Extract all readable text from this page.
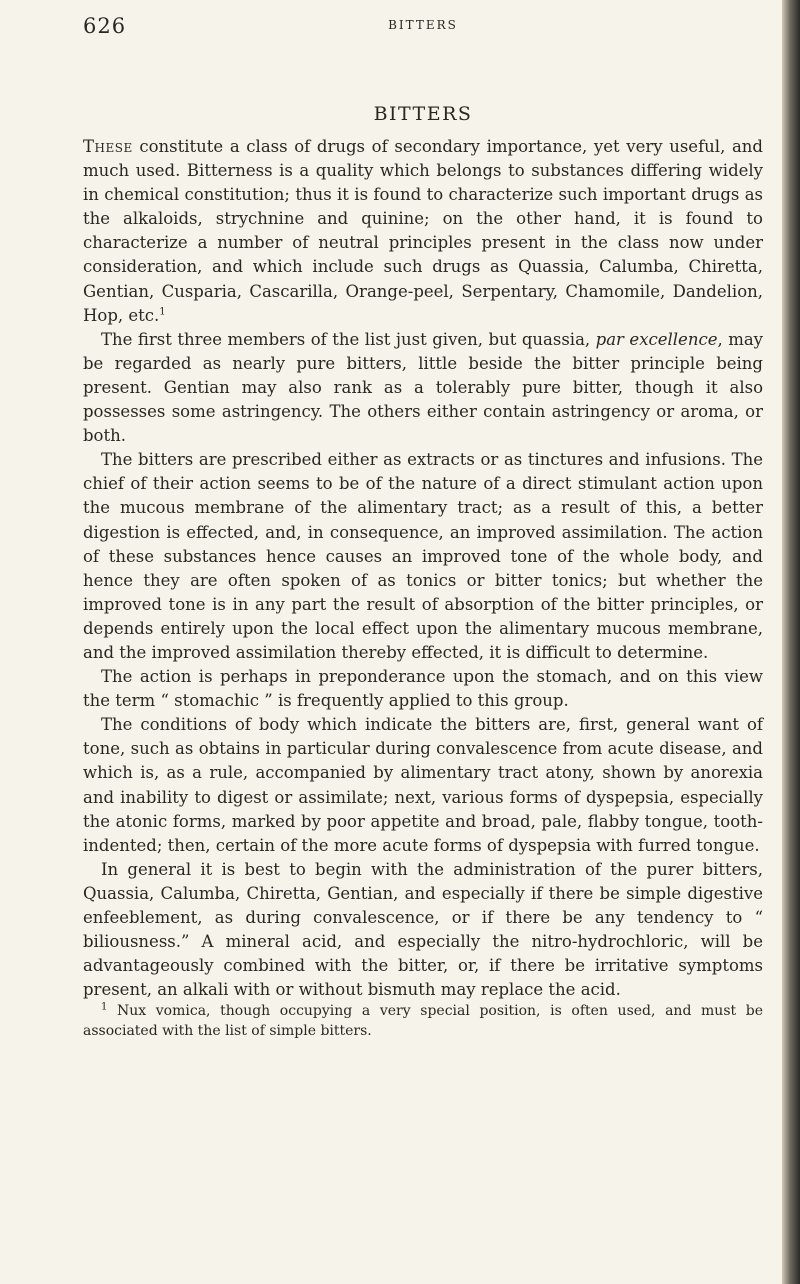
626	BITTERS
BITTERS

These constitute a class of drugs of secondary importance, yet very useful, and much used. Bitterness is a quality which belongs to substances differing widely in chemical constitution; thus it is found to characterize such important drugs as the alkaloids, strychnine and quinine; on the other hand, it is found to characterize a number of neutral principles present in the class now under consideration, and which include such drugs as Quassia, Calumba, Chiretta, Gentian, Cusparia, Cascarilla, Orange-peel, Serpentary, Chamomile, Dandelion, Hop, etc.$^1$

The first three members of the list just given, but quassia, par excellence, may be regarded as nearly pure bitters, little beside the bitter principle being present. Gentian may also rank as a tolerably pure bitter, though it also possesses some astringency. The others either contain astringency or aroma, or both.

The bitters are prescribed either as extracts or as tinctures and infusions. The chief of their action seems to be of the nature of a direct stimulant action upon the mucous membrane of the alimentary tract; as a result of this, a better digestion is effected, and, in consequence, an improved assimilation. The action of these substances hence causes an improved tone of the whole body, and hence they are often spoken of as tonics or bitter tonics; but whether the improved tone is in any part the result of absorption of the bitter principles, or depends entirely upon the local effect upon the alimentary mucous membrane, and the improved assimilation thereby effected, it is difficult to determine.

The action is perhaps in preponderance upon the stomach, and on this view the term “ stomachic ” is frequently applied to this group.

The conditions of body which indicate the bitters are, first, general want of tone, such as obtains in particular during convalescence from acute disease, and which is, as a rule, accompanied by alimentary tract atony, shown by anorexia and inability to digest or assimilate; next, various forms of dyspepsia, especially the atonic forms, marked by poor appetite and broad, pale, flabby tongue, tooth-indented; then, certain of the more acute forms of dyspepsia with furred tongue.

In general it is best to begin with the administration of the purer bitters, Quassia, Calumba, Chiretta, Gentian, and especially if there be simple digestive enfeeblement, as during convalescence, or if there be any tendency to “ biliousness.” A mineral acid, and especially the nitro-hydrochloric, will be advantageously combined with the bitter, or, if there be irritative symptoms present, an alkali with or without bismuth may replace the acid.

$^1$ Nux vomica, though occupying a very special position, is often used, and must be associated with the list of simple bitters.
